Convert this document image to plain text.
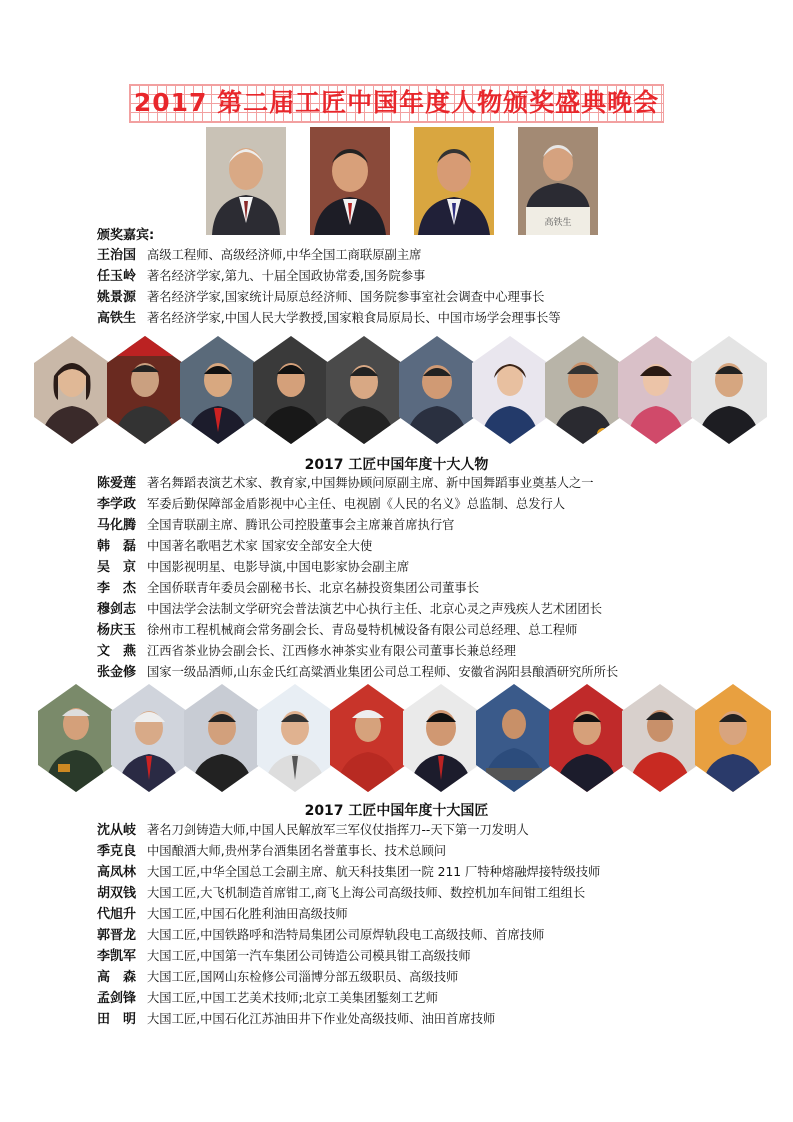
2017 第二届工匠中国年度人物颁奖盛典晚会
高铁生
颁奖嘉宾:
王治国 高级工程师、高级经济师,中华全国工商联原副主席
任玉岭 著名经济学家,第九、十届全国政协常委,国务院参事
姚景源 著名经济学家,国家统计局原总经济师、国务院参事室社会调查中心理事长
高铁生 著名经济学家,中国人民大学教授,国家粮食局原局长、中国市场学会理事长等
2017 工匠中国年度十大人物
陈爱莲 著名舞蹈表演艺术家、教育家,中国舞协顾问原副主席、新中国舞蹈事业奠基人之一
李学政 军委后勤保障部金盾影视中心主任、电视剧《人民的名义》总监制、总发行人
马化腾 全国青联副主席、腾讯公司控股董事会主席兼首席执行官
韩　磊 中国著名歌唱艺术家 国家安全部安全大使
吴　京 中国影视明星、电影导演,中国电影家协会副主席
李　杰 全国侨联青年委员会副秘书长、北京名赫投资集团公司董事长
穆剑志 中国法学会法制文学研究会普法演艺中心执行主任、北京心灵之声残疾人艺术团团长
杨庆玉 徐州市工程机械商会常务副会长、青岛曼特机械设备有限公司总经理、总工程师
文　燕 江西省茶业协会副会长、江西修水神茶实业有限公司董事长兼总经理
张金修 国家一级品酒师,山东金氏红高粱酒业集团公司总工程师、安徽省涡阳县酿酒研究所所长
2017 工匠中国年度十大国匠
沈从岐 著名刀剑铸造大师,中国人民解放军三军仪仗指挥刀--天下第一刀发明人
季克良 中国酿酒大师,贵州茅台酒集团名誉董事长、技术总顾问
高凤林 大国工匠,中华全国总工会副主席、航天科技集团一院 211 厂特种熔融焊接特级技师
胡双钱 大国工匠,大飞机制造首席钳工,商飞上海公司高级技师、数控机加车间钳工组组长
代旭升 大国工匠,中国石化胜利油田高级技师
郭晋龙 大国工匠,中国铁路呼和浩特局集团公司原焊轨段电工高级技师、首席技师
李凯军 大国工匠,中国第一汽车集团公司铸造公司模具钳工高级技师
高　森 大国工匠,国网山东检修公司淄博分部五级职员、高级技师
孟剑锋 大国工匠,中国工艺美术技师;北京工美集团錾刻工艺师
田　明 大国工匠,中国石化江苏油田井下作业处高级技师、油田首席技师
